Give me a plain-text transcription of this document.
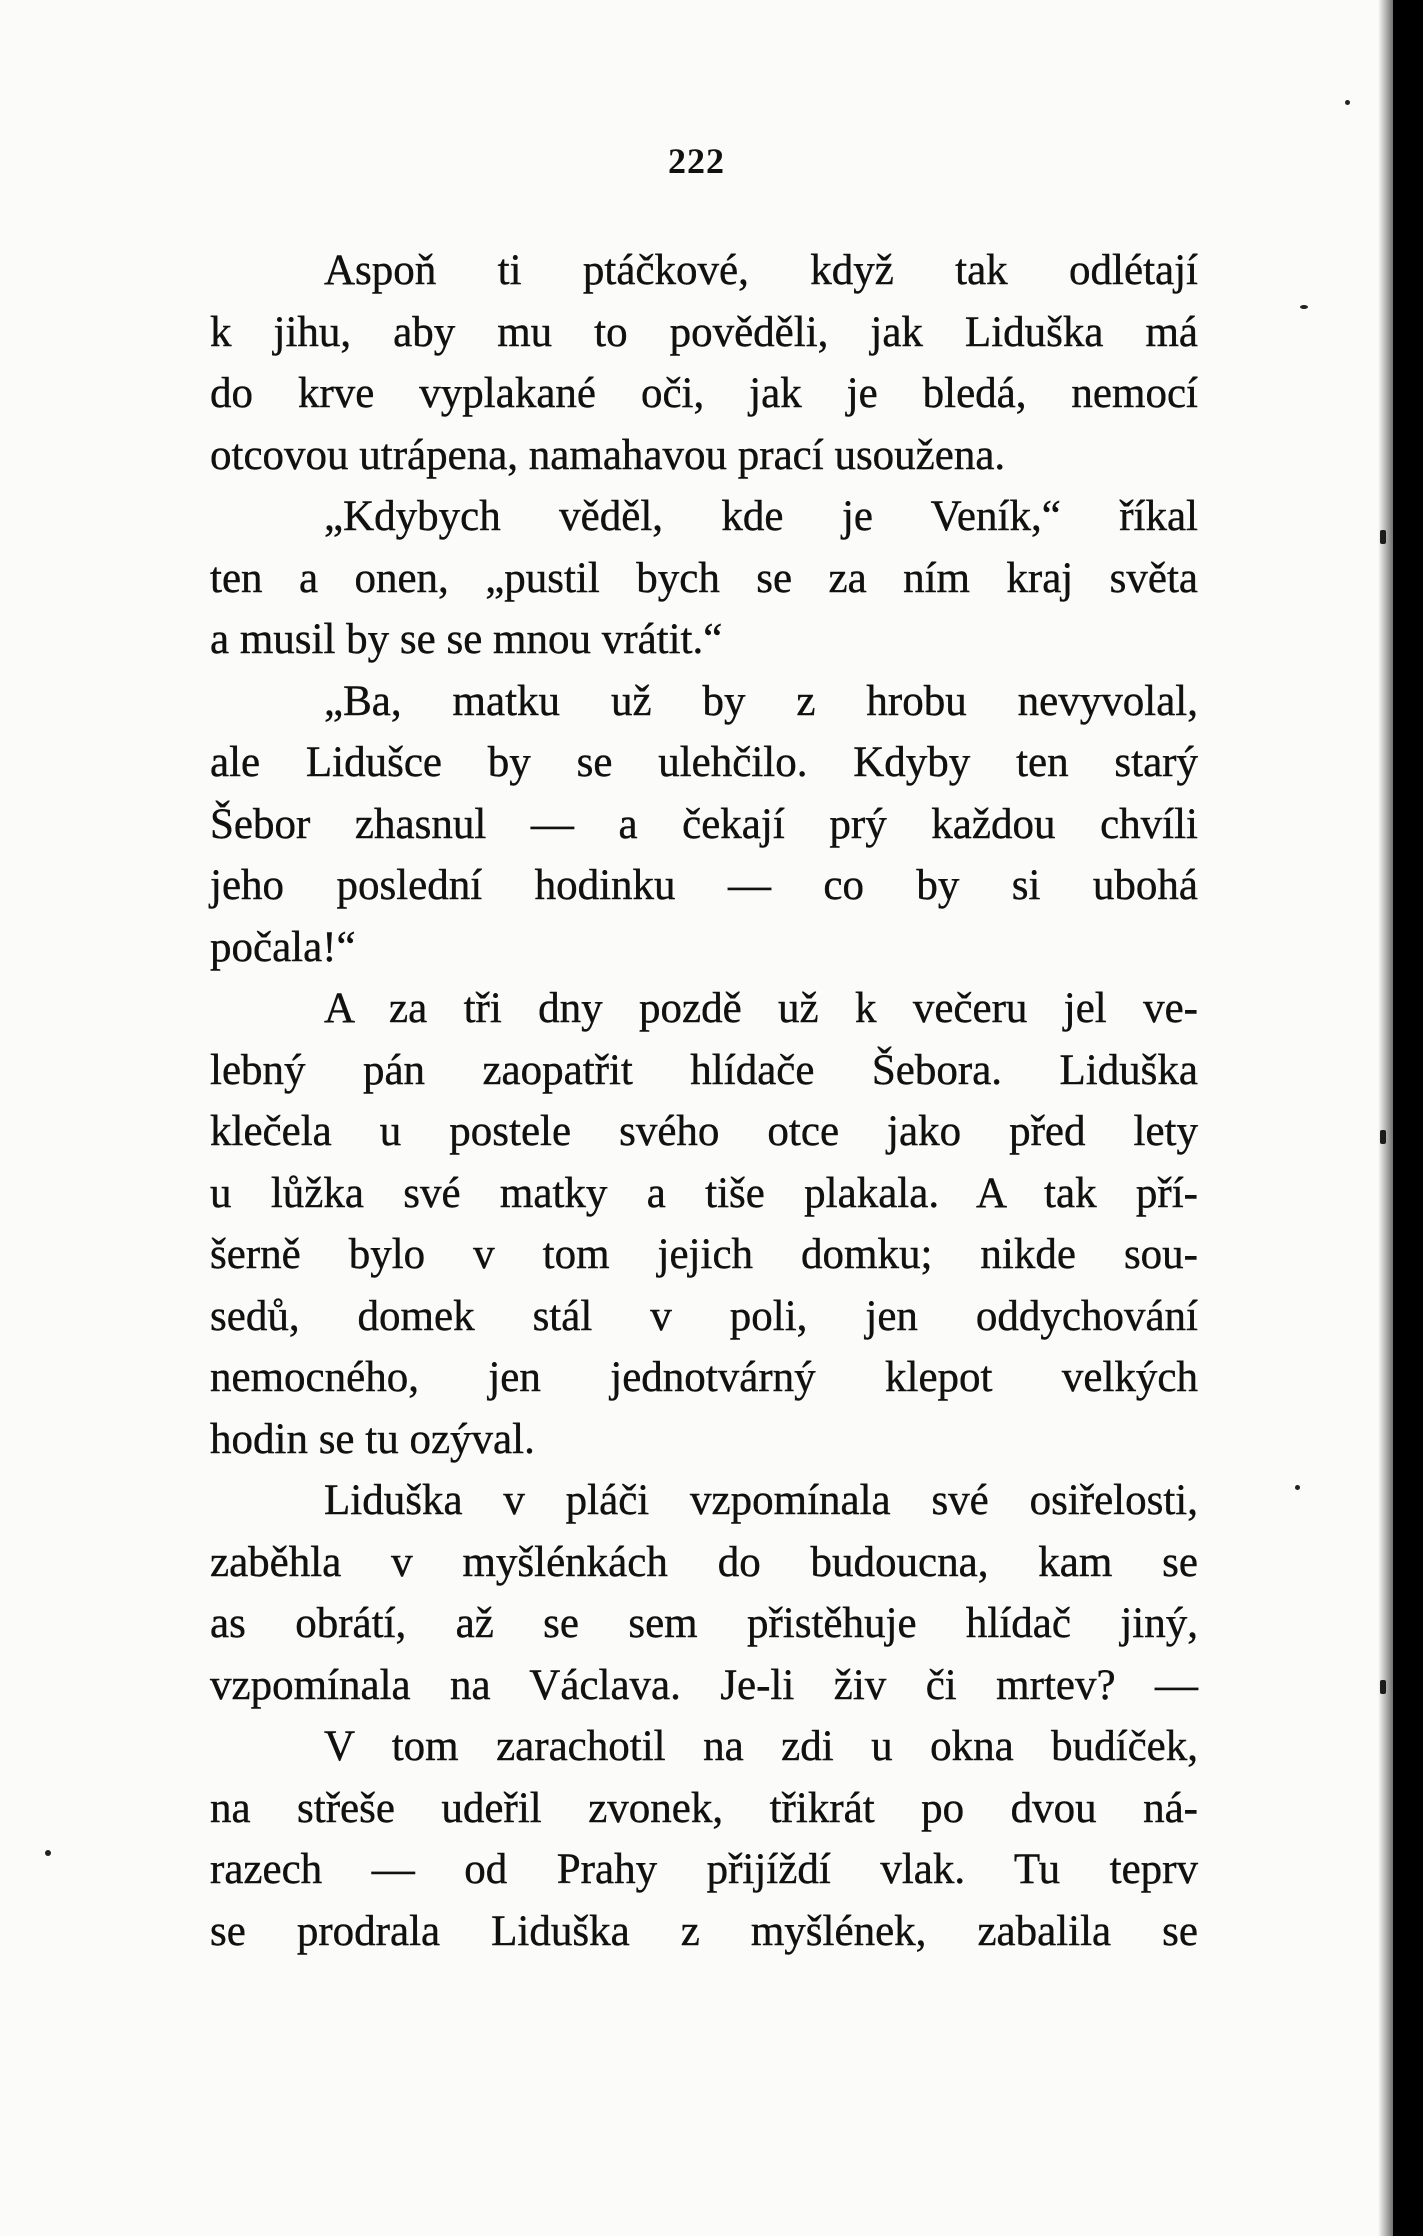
222
Aspoň ti ptáčkové, když tak odlétají
k jihu, aby mu to pověděli, jak Liduška má
do krve vyplakané oči, jak je bledá, nemocí
otcovou utrápena, namahavou prací usoužena.
„Kdybych věděl, kde je Veník,“ říkal
ten a onen, „pustil bych se za ním kraj světa
a musil by se se mnou vrátit.“
„Ba, matku už by z hrobu nevyvolal,
ale Lidušce by se ulehčilo. Kdyby ten starý
Šebor zhasnul — a čekají prý každou chvíli
jeho poslední hodinku — co by si ubohá
počala!“
A za tři dny pozdě už k večeru jel ve-
lebný pán zaopatřit hlídače Šebora. Liduška
klečela u postele svého otce jako před lety
u lůžka své matky a tiše plakala. A tak pří-
šerně bylo v tom jejich domku; nikde sou-
sedů, domek stál v poli, jen oddychování
nemocného, jen jednotvárný klepot velkých
hodin se tu ozýval.
Liduška v pláči vzpomínala své osiřelosti,
zaběhla v myšlénkách do budoucna, kam se
as obrátí, až se sem přistěhuje hlídač jiný,
vzpomínala na Václava. Je-li živ či mrtev? —
V tom zarachotil na zdi u okna budíček,
na střeše udeřil zvonek, třikrát po dvou ná-
razech — od Prahy přijíždí vlak. Tu teprv
se prodrala Liduška z myšlének, zabalila se
